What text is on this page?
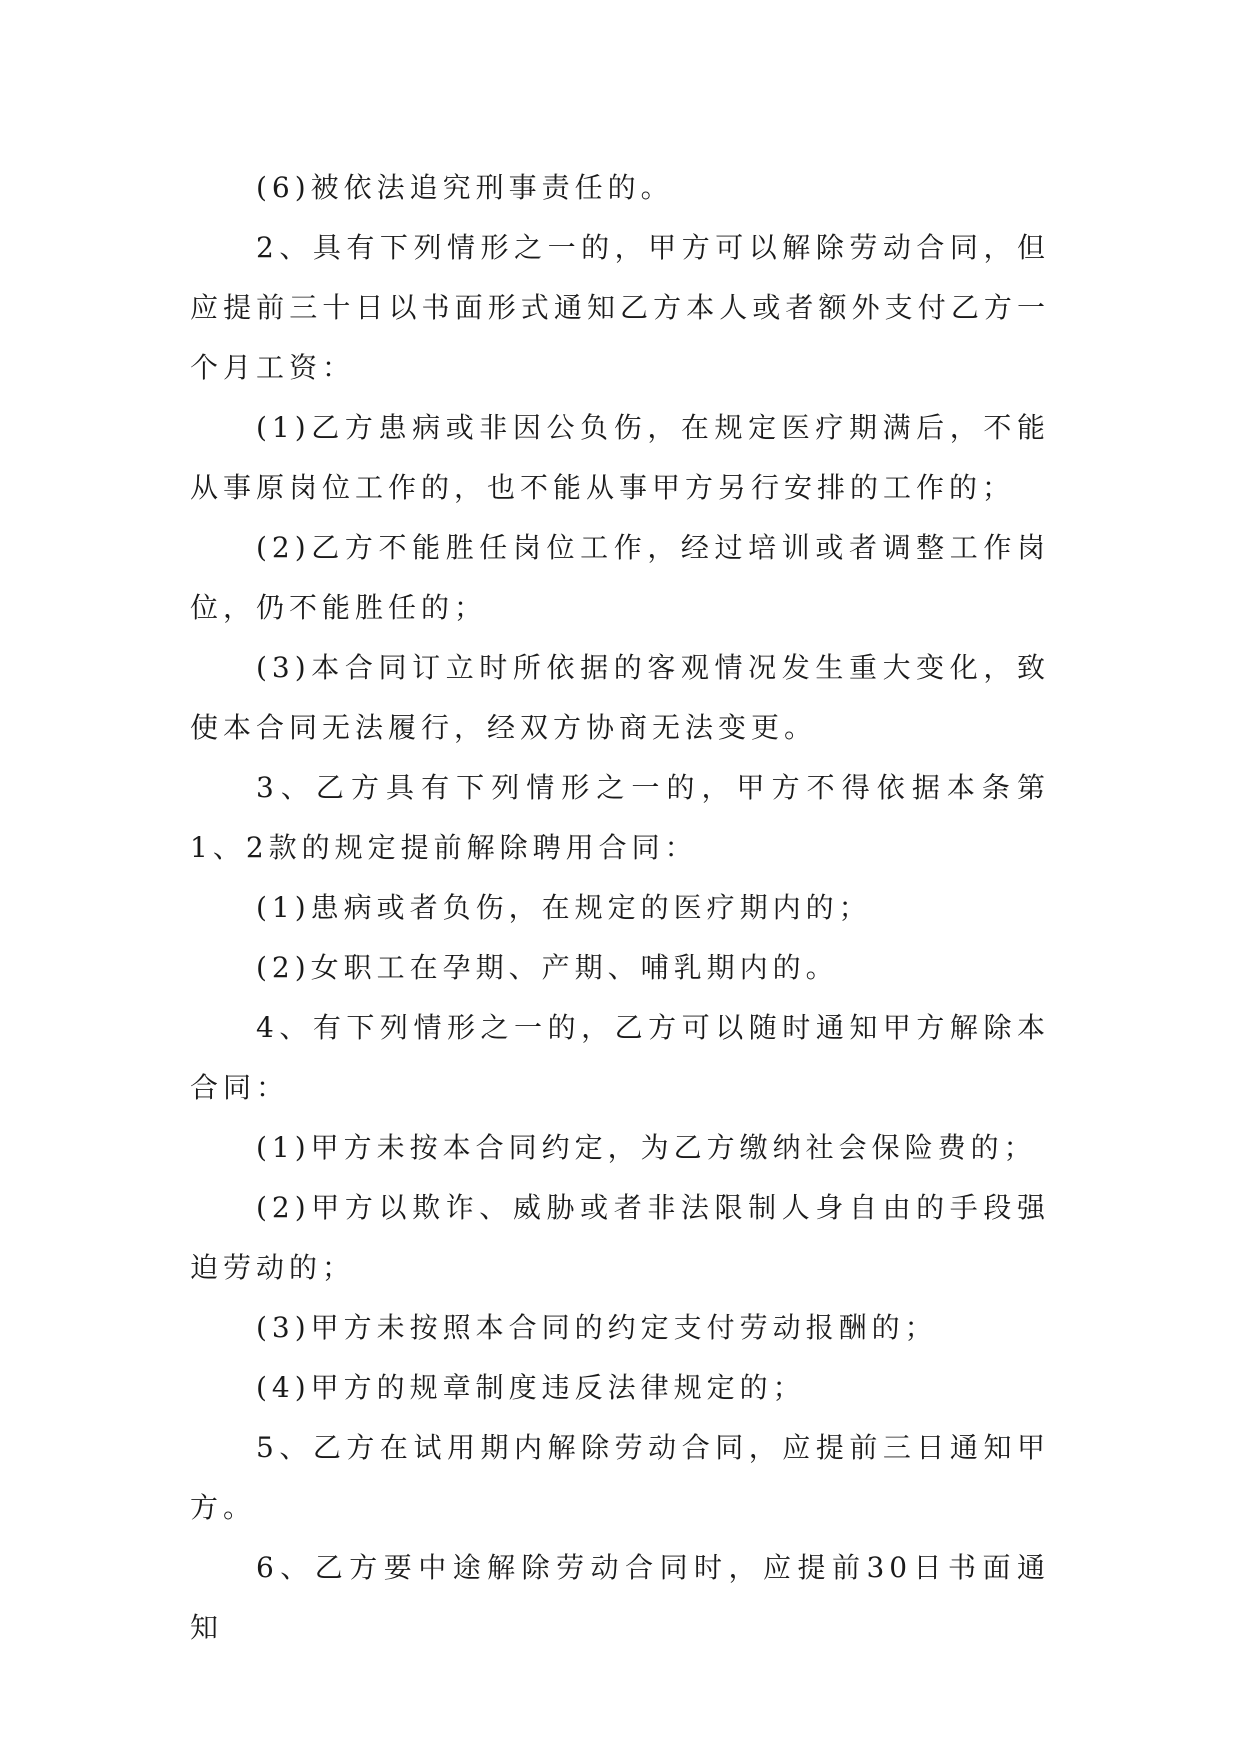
(6)被依法追究刑事责任的。

2、具有下列情形之一的，甲方可以解除劳动合同，但应提前三十日以书面形式通知乙方本人或者额外支付乙方一个月工资：

(1)乙方患病或非因公负伤，在规定医疗期满后，不能从事原岗位工作的，也不能从事甲方另行安排的工作的；

(2)乙方不能胜任岗位工作，经过培训或者调整工作岗位，仍不能胜任的；

(3)本合同订立时所依据的客观情况发生重大变化，致使本合同无法履行，经双方协商无法变更。

3、乙方具有下列情形之一的，甲方不得依据本条第1、2款的规定提前解除聘用合同：

(1)患病或者负伤，在规定的医疗期内的；

(2)女职工在孕期、产期、哺乳期内的。

4、有下列情形之一的，乙方可以随时通知甲方解除本合同：

(1)甲方未按本合同约定，为乙方缴纳社会保险费的；

(2)甲方以欺诈、威胁或者非法限制人身自由的手段强迫劳动的；

(3)甲方未按照本合同的约定支付劳动报酬的；

(4)甲方的规章制度违反法律规定的；

5、乙方在试用期内解除劳动合同，应提前三日通知甲方。

6、乙方要中途解除劳动合同时，应提前30日书面通知
